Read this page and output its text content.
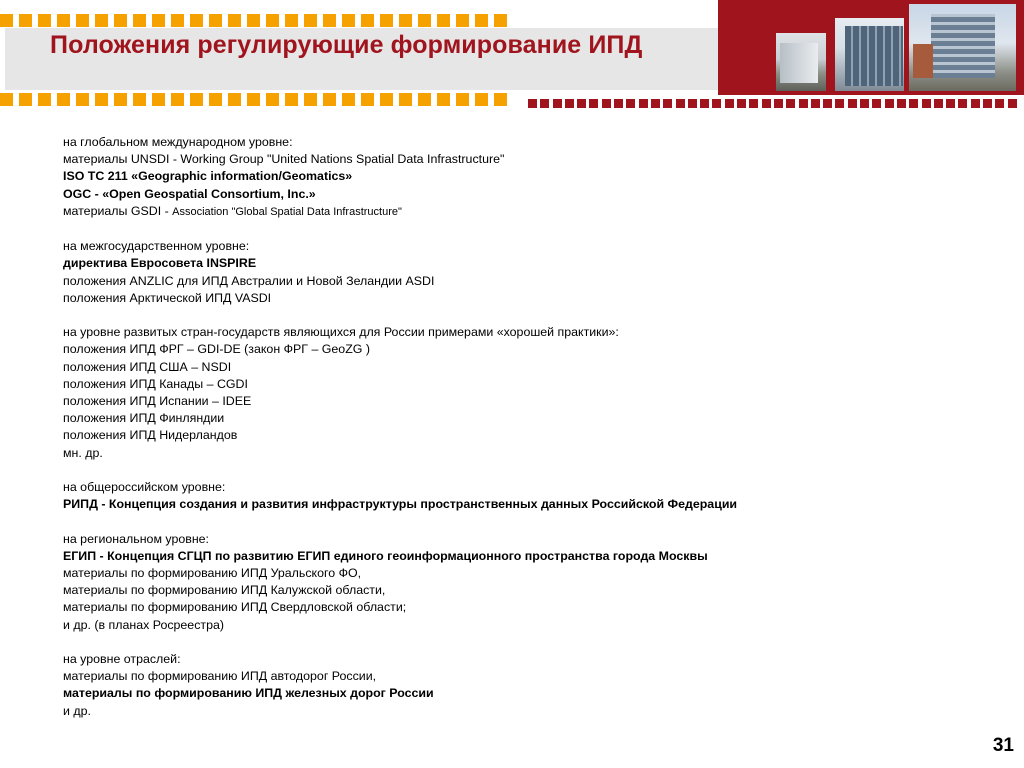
Положения регулирующие формирование ИПД
на глобальном международном уровне:
материалы UNSDI - Working Group "United Nations Spatial Data Infrastructure"
ISO TC 211 «Geographic information/Geomatics»
OGC - «Open Geospatial Consortium, Inc.»
материалы GSDI - Association "Global Spatial Data Infrastructure"
на межгосударственном уровне:
директива Евросовета INSPIRE
положения ANZLIC для ИПД Австралии и Новой Зеландии ASDI
положения Арктической ИПД VASDI
на уровне развитых стран-государств являющихся для России примерами «хорошей практики»:
положения ИПД ФРГ – GDI-DE (закон ФРГ – GeoZG )
положения ИПД США – NSDI
положения ИПД Канады – CGDI
положения ИПД Испании – IDEE
положения ИПД Финляндии
положения ИПД Нидерландов
мн. др.
на общероссийском уровне:
РИПД - Концепция создания и развития инфраструктуры пространственных данных Российской Федерации
на региональном уровне:
ЕГИП - Концепция СГЦП по развитию ЕГИП единого геоинформационного пространства города Москвы
материалы по формированию ИПД Уральского ФО,
материалы по формированию ИПД Калужской области,
материалы по формированию ИПД Свердловской области;
и др. (в планах Росреестра)
на уровне отраслей:
материалы по формированию ИПД автодорог России,
материалы по формированию ИПД железных дорог России
и др.
31
